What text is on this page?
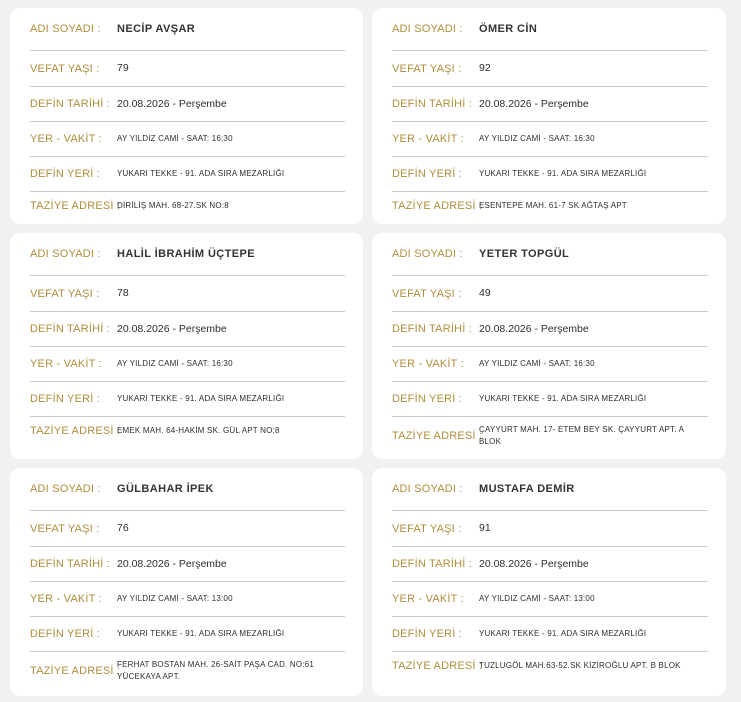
ADI SOYADI :	NECİP AVŞAR
VEFAT YAŞI :	79
DEFİN TARİHİ : 20.08.2026 - Perşembe
YER - VAKİT :	AY YILDIZ CAMİ - SAAT: 16:30
DEFİN YERİ :	YUKARI TEKKE - 91. ADA SIRA MEZARLIĞI
TAZİYE ADRESİ :
DİRİLİŞ MAH. 68-27.SK NO:8
ADI SOYADI :	ÖMER CİN
VEFAT YAŞI :	92
DEFİN TARİHİ : 20.08.2026 - Perşembe
YER - VAKİT :	AY YILDIZ CAMİ - SAAT: 16:30
DEFİN YERİ :	YUKARI TEKKE - 91. ADA SIRA MEZARLIĞI
TAZİYE ADRESİ :
ESENTEPE MAH. 61-7 SK AĞTAŞ APT
ADI SOYADI :	HALİL İBRAHİM ÜÇTEPE
VEFAT YAŞI :	78
DEFİN TARİHİ : 20.08.2026 - Perşembe
YER - VAKİT :	AY YILDIZ CAMİ - SAAT: 16:30
DEFİN YERİ :	YUKARI TEKKE - 91. ADA SIRA MEZARLIĞI
TAZİYE ADRESİ :
EMEK MAH. 64-HAKİM SK. GÜL APT NO:8
ADI SOYADI :	YETER TOPGÜL
VEFAT YAŞI :	49
DEFİN TARİHİ : 20.08.2026 - Perşembe
YER - VAKİT :	AY YILDIZ CAMİ - SAAT: 16:30
DEFİN YERİ :	YUKARI TEKKE - 91. ADA SIRA MEZARLIĞI
TAZİYE ADRESİ :
ÇAYYURT MAH. 17- ETEM BEY SK. ÇAYYURT APT. A BLOK
ADI SOYADI :	GÜLBAHAR İPEK
VEFAT YAŞI :	76
DEFİN TARİHİ : 20.08.2026 - Perşembe
YER - VAKİT :	AY YILDIZ CAMİ - SAAT: 13:00
DEFİN YERİ :	YUKARI TEKKE - 91. ADA SIRA MEZARLIĞI
TAZİYE ADRESİ :
FERHAT BOSTAN MAH. 26-SAİT PAŞA CAD. NO:61 YÜCEKAYA APT.
ADI SOYADI :	MUSTAFA DEMİR
VEFAT YAŞI :	91
DEFİN TARİHİ : 20.08.2026 - Perşembe
YER - VAKİT :	AY YILDIZ CAMİ - SAAT: 13:00
DEFİN YERİ :	YUKARI TEKKE - 91. ADA SIRA MEZARLIĞI
TAZİYE ADRESİ :
TUZLUGÖL MAH.63-52.SK KİZİROĞLU APT. B BLOK
